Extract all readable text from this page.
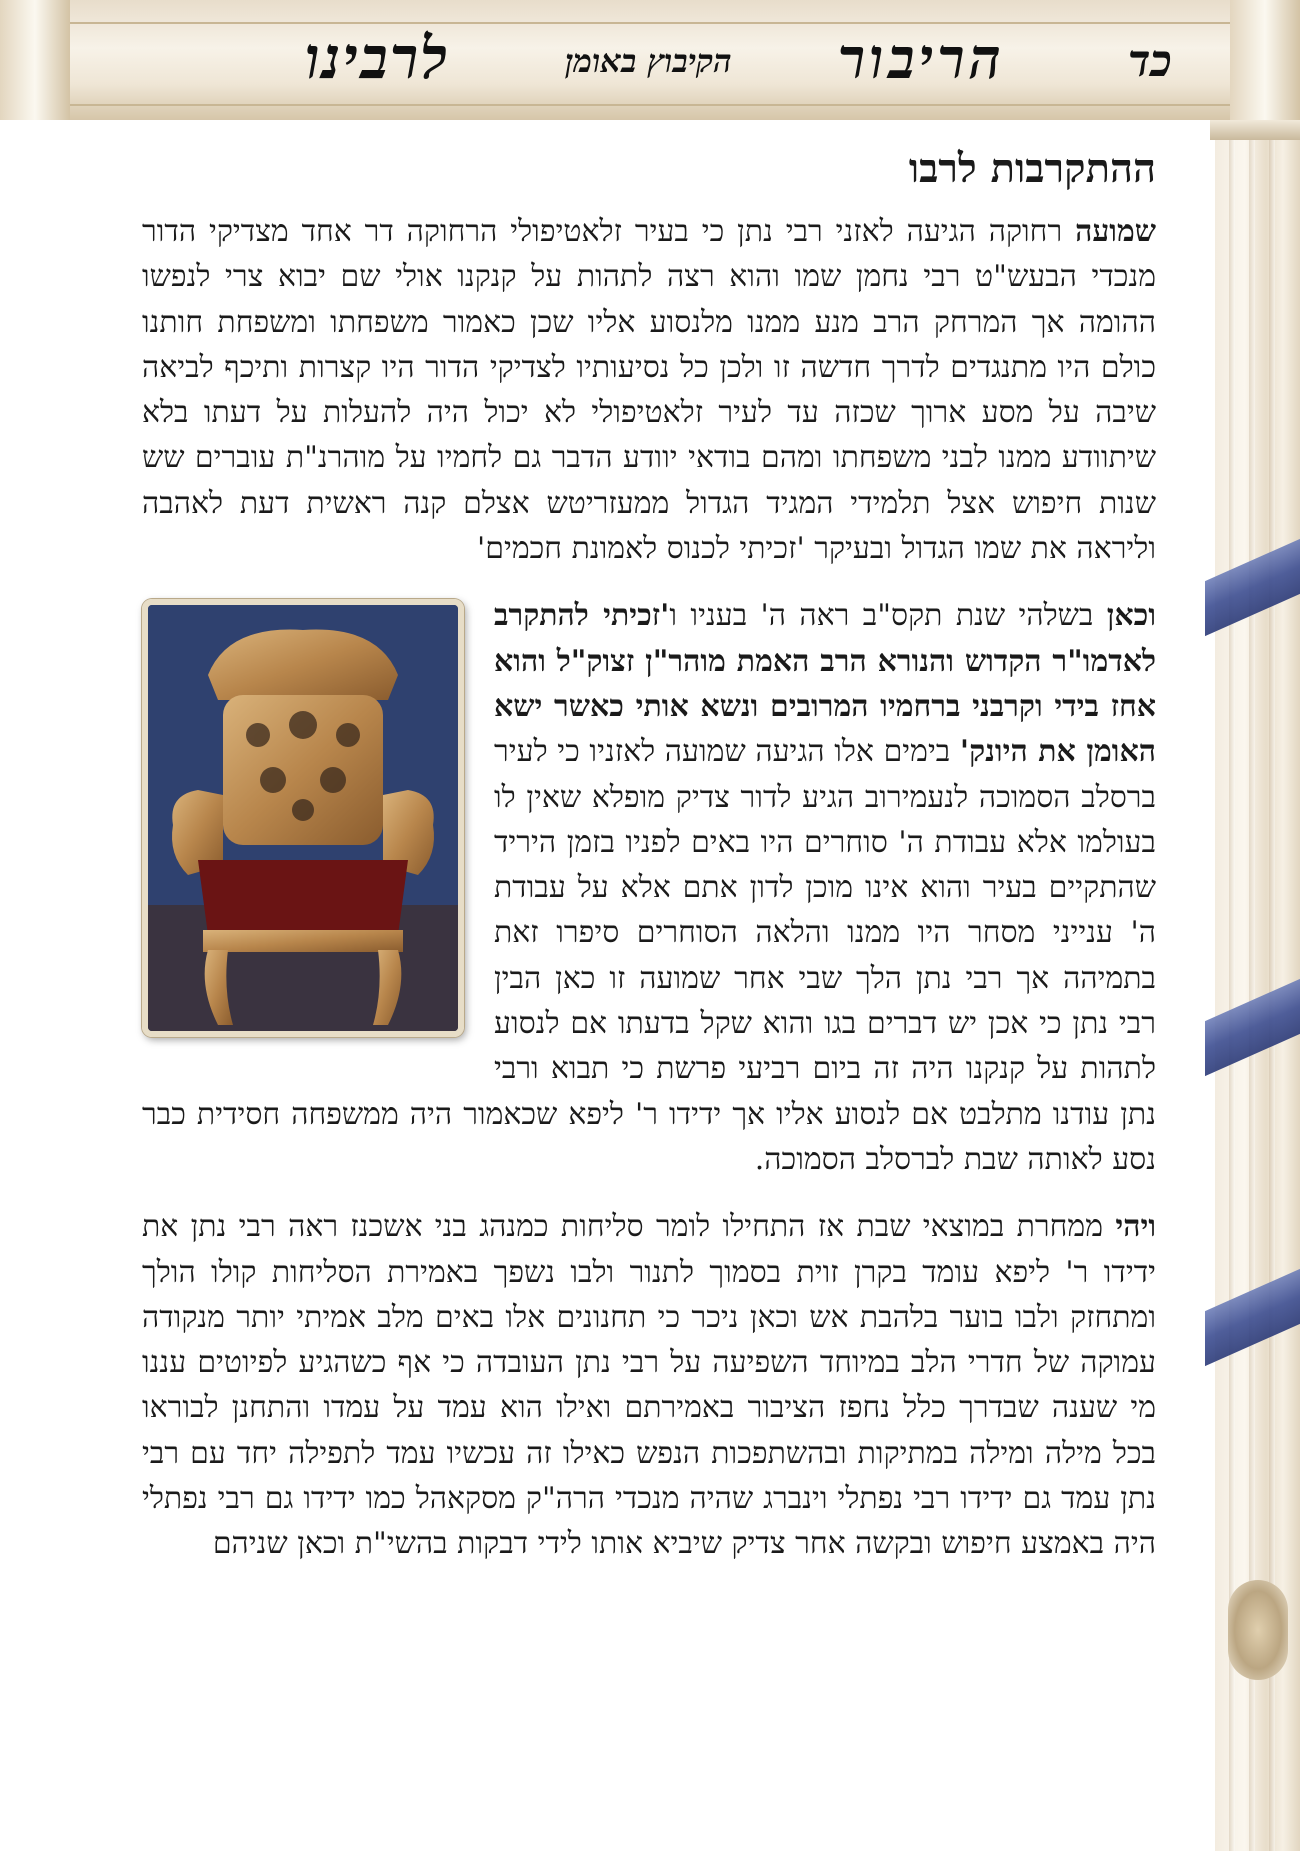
כד
הריבור
הקיבוץ באומן
לרבינו
ההתקרבות לרבו

שמועה רחוקה הגיעה לאזני רבי נתן כי בעיר זלאטיפולי הרחוקה דר אחד מצדיקי הדור מנכדי הבעש"ט רבי נחמן שמו והוא רצה לתהות על קנקנו אולי שם יבוא צרי לנפשו ההומה אך המרחק הרב מנע ממנו מלנסוע אליו שכן כאמור משפחתו ומשפחת חותנו כולם היו מתנגדים לדרך חדשה זו ולכן כל נסיעותיו לצדיקי הדור היו קצרות ותיכף לביאה שיבה על מסע ארוך שכזה עד לעיר זלאטיפולי לא יכול היה להעלות על דעתו בלא שיתוודע ממנו לבני משפחתו ומהם בודאי יוודע הדבר גם לחמיו על מוהרנ"ת עוברים שש שנות חיפוש אצל תלמידי המגיד הגדול ממעזריטש אצלם קנה ראשית דעת לאהבה וליראה את שמו הגדול ובעיקר 'זכיתי לכנוס לאמונת חכמים'

וכאן בשלהי שנת תקס"ב ראה ה' בעניו ו'זכיתי להתקרב לאדמו"ר הקדוש והנורא הרב האמת מוהר"ן זצוק"ל והוא אחז בידי וקרבני ברחמיו המרובים ונשא אותי כאשר ישא האומן את היונק' בימים אלו הגיעה שמועה לאזניו כי לעיר ברסלב הסמוכה לנעמירוב הגיע לדור צדיק מופלא שאין לו בעולמו אלא עבודת ה' סוחרים היו באים לפניו בזמן היריד שהתקיים בעיר והוא אינו מוכן לדון אתם אלא על עבודת ה' ענייני מסחר היו ממנו והלאה הסוחרים סיפרו זאת בתמיהה אך רבי נתן הלך שבי אחר שמועה זו כאן הבין רבי נתן כי אכן יש דברים בגו והוא שקל בדעתו אם לנסוע לתהות על קנקנו היה זה ביום רביעי פרשת כי תבוא ורבי נתן עודנו מתלבט אם לנסוע אליו אך ידידו ר' ליפא שכאמור היה ממשפחה חסידית כבר נסע לאותה שבת לברסלב הסמוכה.

ויהי ממחרת במוצאי שבת אז התחילו לומר סליחות כמנהג בני אשכנז ראה רבי נתן את ידידו ר' ליפא עומד בקרן זוית בסמוך לתנור ולבו נשפך באמירת הסליחות קולו הולך ומתחזק ולבו בוער בלהבת אש וכאן ניכר כי תחנונים אלו באים מלב אמיתי יותר מנקודה עמוקה של חדרי הלב במיוחד השפיעה על רבי נתן העובדה כי אף כשהגיע לפיוטים עננו מי שענה שבדרך כלל נחפז הציבור באמירתם ואילו הוא עמד על עמדו והתחנן לבוראו בכל מילה ומילה במתיקות ובהשתפכות הנפש כאילו זה עכשיו עמד לתפילה יחד עם רבי נתן עמד גם ידידו רבי נפתלי וינברג שהיה מנכדי הרה"ק מסקאהל כמו ידידו גם רבי נפתלי היה באמצע חיפוש ובקשה אחר צדיק שיביא אותו לידי דבקות בהשי"ת וכאן שניהם
